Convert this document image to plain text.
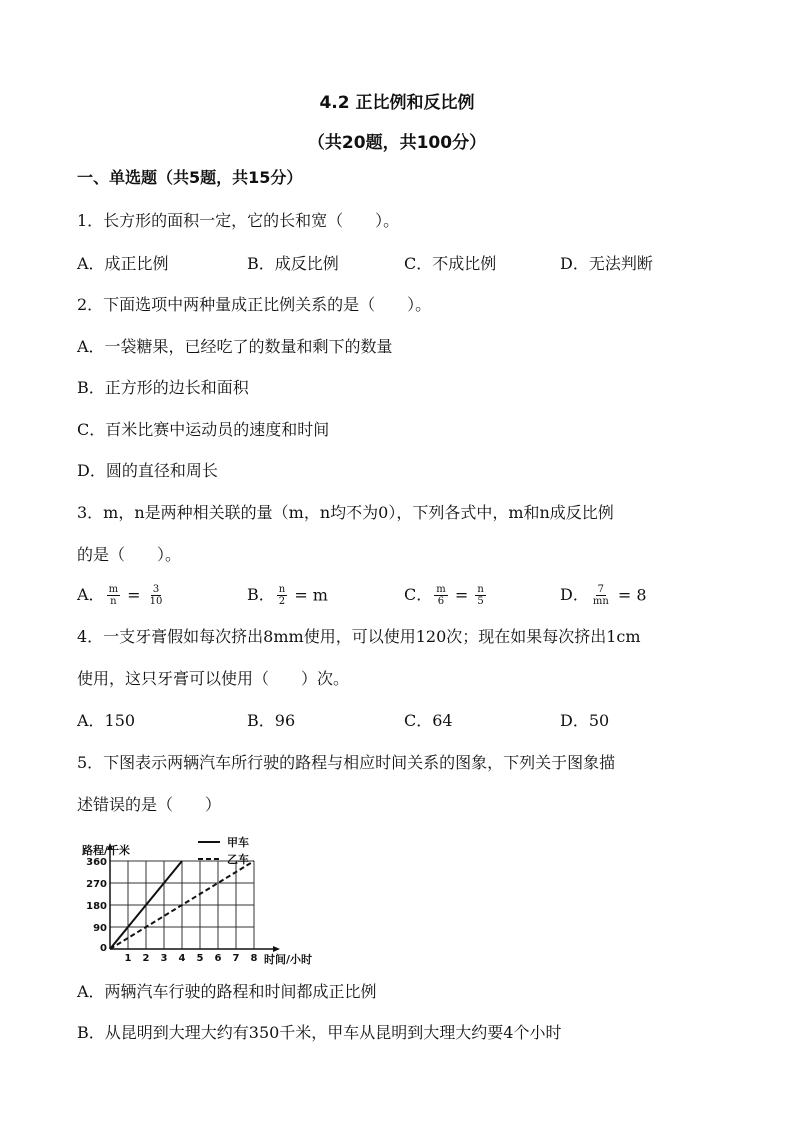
4.2 正比例和反比例
（共20题，共100分）
一、单选题（共5题，共15分）
1．长方形的面积一定，它的长和宽（　　）。
A．成正比例	B．成反比例	C．不成比例	D．无法判断
2．下面选项中两种量成正比例关系的是（　　）。
A．一袋糖果，已经吃了的数量和剩下的数量
B．正方形的边长和面积
C．百米比赛中运动员的速度和时间
D．圆的直径和周长
3．m，n是两种相关联的量（m，n均不为0），下列各式中，m和n成反比例
的是（　　）。
A． $\frac{m}{n} = \frac{3}{10}$	B． $\frac{n}{2} = m$	C． $\frac{m}{6} = \frac{n}{5}$	D． $\frac{7}{mn} = 8$
4．一支牙膏假如每次挤出8mm使用，可以使用120次；现在如果每次挤出1cm
使用，这只牙膏可以使用（　　）次。
A．150	B．96	C．64	D．50
5．下图表示两辆汽车所行驶的路程与相应时间关系的图象，下列关于图象描
述错误的是（　　）
1 2 3 4 5 6 7 8
90
180
270
360
0
路程/千米
时间/小时
甲车
乙车
A．两辆汽车行驶的路程和时间都成正比例
B．从昆明到大理大约有350千米，甲车从昆明到大理大约要4个小时
